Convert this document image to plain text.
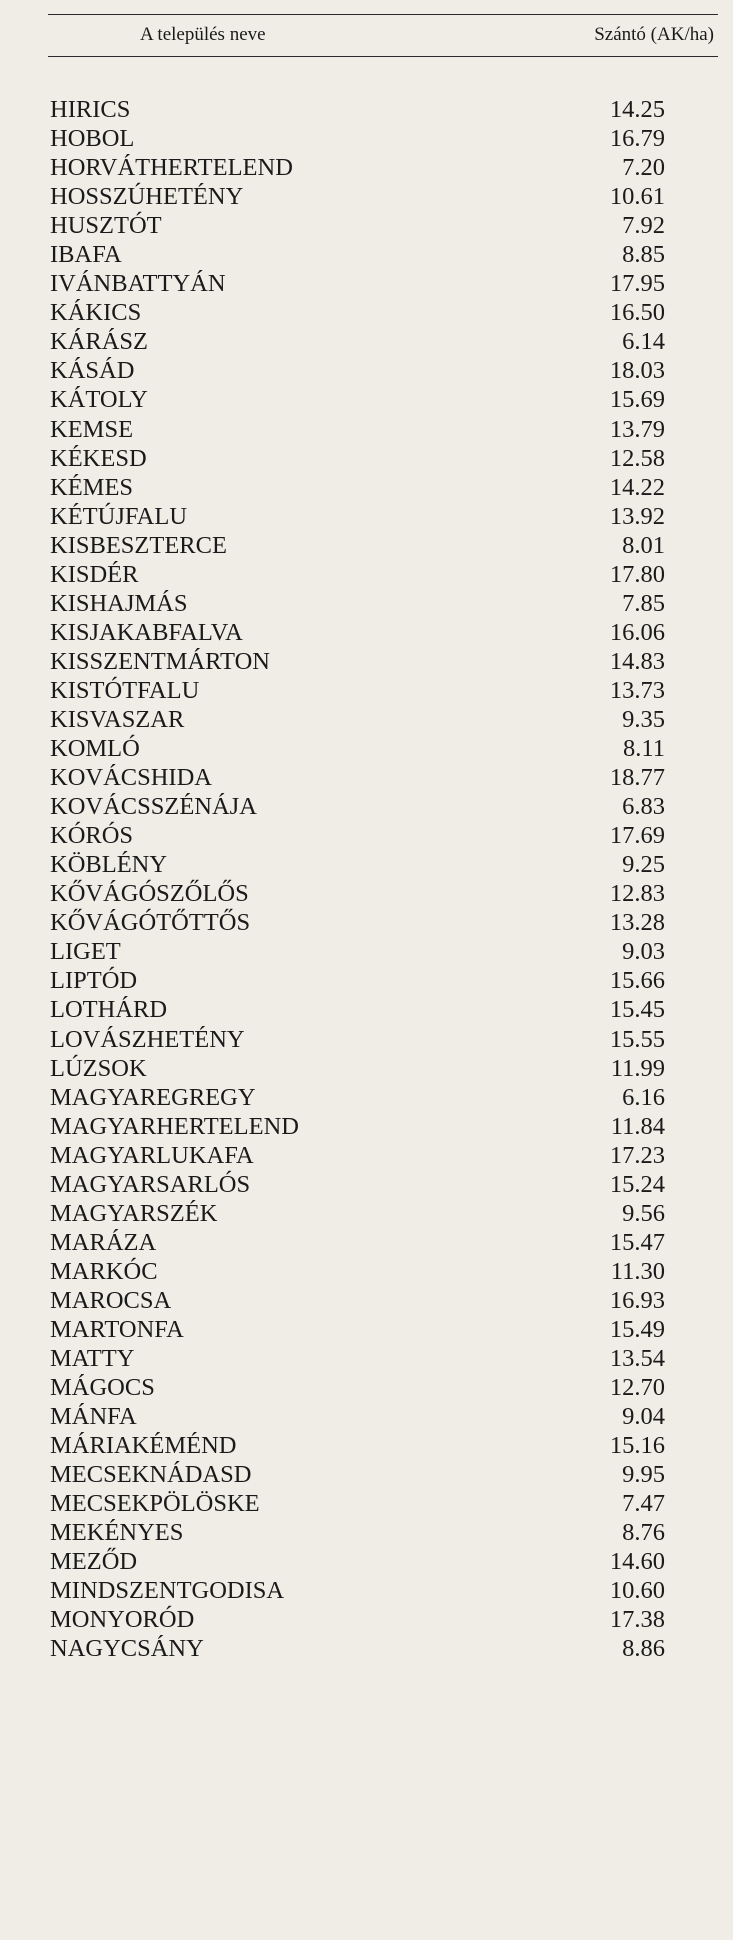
A település neve	Szántó (AK/ha)
HIRICS	14.25
HOBOL	16.79
HORVÁTHERTELEND	7.20
HOSSZÚHETÉNY	10.61
HUSZTÓT	7.92
IBAFA	8.85
IVÁNBATTYÁN	17.95
KÁKICS	16.50
KÁRÁSZ	6.14
KÁSÁD	18.03
KÁTOLY	15.69
KEMSE	13.79
KÉKESD	12.58
KÉMES	14.22
KÉTÚJFALU	13.92
KISBESZTERCE	8.01
KISDÉR	17.80
KISHAJMÁS	7.85
KISJAKABFALVA	16.06
KISSZENTMÁRTON	14.83
KISTÓTFALU	13.73
KISVASZAR	9.35
KOMLÓ	8.11
KOVÁCSHIDA	18.77
KOVÁCSSZÉNÁJA	6.83
KÓRÓS	17.69
KÖBLÉNY	9.25
KŐVÁGÓSZŐLŐS	12.83
KŐVÁGÓTŐTTŐS	13.28
LIGET	9.03
LIPTÓD	15.66
LOTHÁRD	15.45
LOVÁSZHETÉNY	15.55
LÚZSOK	11.99
MAGYAREGREGY	6.16
MAGYARHERTELEND	11.84
MAGYARLUKAFA	17.23
MAGYARSARLÓS	15.24
MAGYARSZÉK	9.56
MARÁZA	15.47
MARKÓC	11.30
MAROCSA	16.93
MARTONFA	15.49
MATTY	13.54
MÁGOCS	12.70
MÁNFA	9.04
MÁRIAKÉMÉND	15.16
MECSEKNÁDASD	9.95
MECSEKPÖLÖSKE	7.47
MEKÉNYES	8.76
MEZŐD	14.60
MINDSZENTGODISA	10.60
MONYORÓD	17.38
NAGYCSÁNY	8.86
